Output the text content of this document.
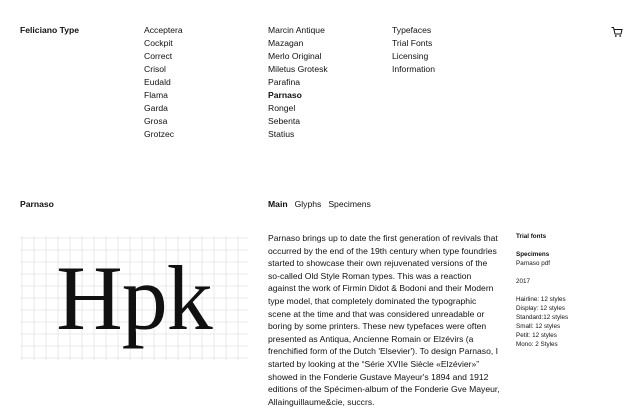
Feliciano Type	Acceptera
Cockpit
Correct
Crisol
Eudald
Flama
Garda
Grosa
Grotzec
Marcin Antique
Mazagan
Merlo Original
Miletus Grotesk
Parafina
Parnaso
Rongel
Sebenta
Statius
Typefaces
Trial Fonts
Licensing
Information
Parnaso	Main Glyphs Specimens
Hpk

Parnaso brings up to date the first generation of revivals that occurred by the end of the 19th century when type foundries started to showcase their own rejuvenated versions of the so-called Old Style Roman types. This was a reaction against the work of Firmin Didot & Bodoni and their Modern type model, that completely dominated the typographic scene at the time and that was considered unreadable or boring by some printers. These new typefaces were often presented as Antiqua, Ancienne Romain or Elzévirs (a frenchified form of the Dutch 'Elsevier'). To design Parnaso, I started by looking at the “Série XVIIe Siècle «Elzévier»” showed in the Fonderie Gustave Mayeur's 1894 and 1912 editions of the Spécimen-album of the Fonderie Gve Mayeur, Allainguillaume&cie, succrs.

Trial fonts
Specimens
Parnaso pdf
2017
Hairline: 12 styles
Display: 12 styles
Standard:12 styles
Small: 12 styles
Petit: 12 styles
Mono: 2 Styles
